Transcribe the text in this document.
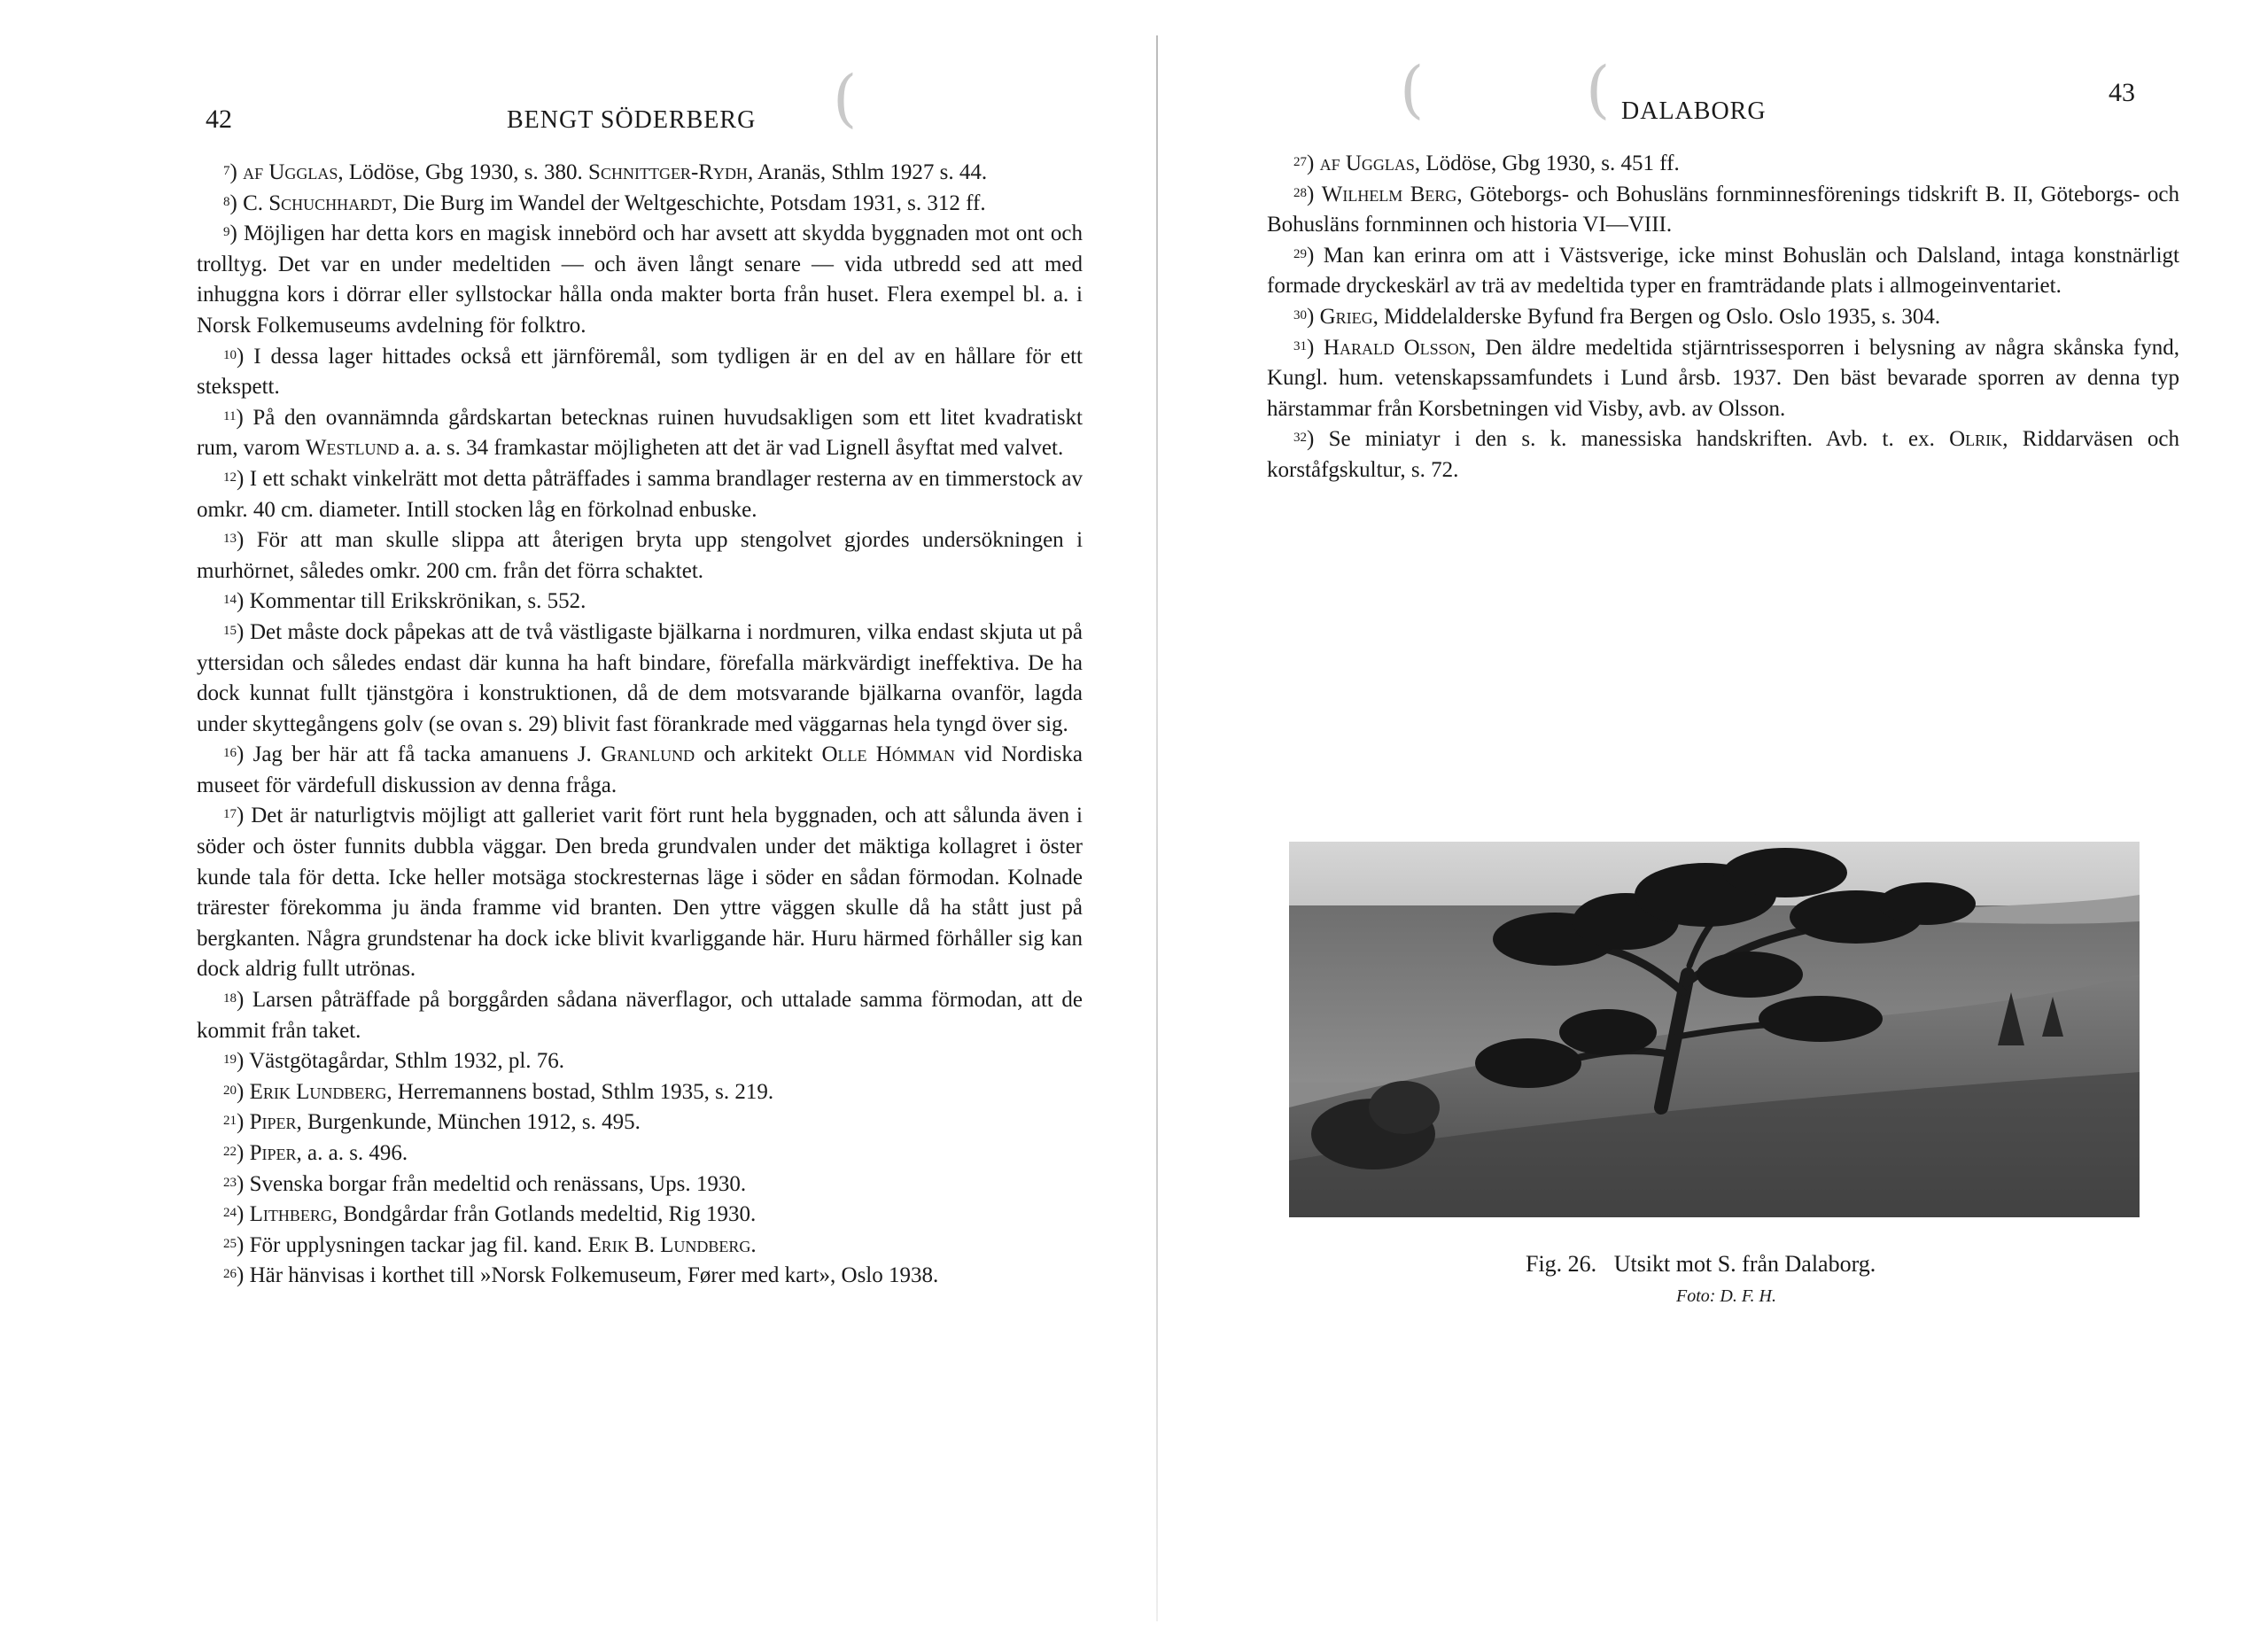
42	BENGT SÖDERBERG

$^7$) af Ugglas, Lödöse, Gbg 1930, s. 380. Schnittger-Rydh, Aranäs, Sthlm 1927 s. 44.

$^8$) C. Schuchhardt, Die Burg im Wandel der Weltgeschichte, Potsdam 1931, s. 312 ff.

$^9$) Möjligen har detta kors en magisk innebörd och har avsett att skydda byggnaden mot ont och trolltyg. Det var en under medeltiden — och även långt senare — vida utbredd sed att med inhuggna kors i dörrar eller syllstockar hålla onda makter borta från huset. Flera exempel bl. a. i Norsk Folkemuseums avdelning för folktro.

$^{10}$) I dessa lager hittades också ett järnföremål, som tydligen är en del av en hållare för ett stekspett.

$^{11}$) På den ovannämnda gårdskartan betecknas ruinen huvudsakligen som ett litet kvadratiskt rum, varom Westlund a. a. s. 34 framkastar möjligheten att det är vad Lignell åsyftat med valvet.

$^{12}$) I ett schakt vinkelrätt mot detta påträffades i samma brandlager resterna av en timmerstock av omkr. 40 cm. diameter. Intill stocken låg en förkolnad enbuske.

$^{13}$) För att man skulle slippa att återigen bryta upp stengolvet gjordes undersökningen i murhörnet, således omkr. 200 cm. från det förra schaktet.

$^{14}$) Kommentar till Erikskrönikan, s. 552.

$^{15}$) Det måste dock påpekas att de två västligaste bjälkarna i nordmuren, vilka endast skjuta ut på yttersidan och således endast där kunna ha haft bindare, förefalla märkvärdigt ineffektiva. De ha dock kunnat fullt tjänstgöra i konstruktionen, då de dem motsvarande bjälkarna ovanför, lagda under skyttegångens golv (se ovan s. 29) blivit fast förankrade med väggarnas hela tyngd över sig.

$^{16}$) Jag ber här att få tacka amanuens J. Granlund och arkitekt Olle Hómman vid Nordiska museet för värdefull diskussion av denna fråga.

$^{17}$) Det är naturligtvis möjligt att galleriet varit fört runt hela byggnaden, och att sålunda även i söder och öster funnits dubbla väggar. Den breda grundvalen under det mäktiga kollagret i öster kunde tala för detta. Icke heller motsäga stockresternas läge i söder en sådan förmodan. Kolnade trärester förekomma ju ända framme vid branten. Den yttre väggen skulle då ha stått just på bergkanten. Några grundstenar ha dock icke blivit kvarliggande här. Huru härmed förhåller sig kan dock aldrig fullt utrönas.

$^{18}$) Larsen påträffade på borggården sådana näverflagor, och uttalade samma förmodan, att de kommit från taket.

$^{19}$) Västgötagårdar, Sthlm 1932, pl. 76.

$^{20}$) Erik Lundberg, Herremannens bostad, Sthlm 1935, s. 219.

$^{21}$) Piper, Burgenkunde, München 1912, s. 495.

$^{22}$) Piper, a. a. s. 496.

$^{23}$) Svenska borgar från medeltid och renässans, Ups. 1930.

$^{24}$) Lithberg, Bondgårdar från Gotlands medeltid, Rig 1930.

$^{25}$) För upplysningen tackar jag fil. kand. Erik B. Lundberg.

$^{26}$) Här hänvisas i korthet till »Norsk Folkemuseum, Fører med kart», Oslo 1938.

43
DALABORG

$^{27}$) af Ugglas, Lödöse, Gbg 1930, s. 451 ff.

$^{28}$) Wilhelm Berg, Göteborgs- och Bohusläns fornminnesförenings tidskrift B. II, Göteborgs- och Bohusläns fornminnen och historia VI—VIII.

$^{29}$) Man kan erinra om att i Västsverige, icke minst Bohuslän och Dalsland, intaga konstnärligt formade dryckeskärl av trä av medeltida typer en framträdande plats i allmogeinventariet.

$^{30}$) Grieg, Middelalderske Byfund fra Bergen og Oslo. Oslo 1935, s. 304.

$^{31}$) Harald Olsson, Den äldre medeltida stjärntrissesporren i belysning av några skånska fynd, Kungl. hum. vetenskapssamfundets i Lund årsb. 1937. Den bäst bevarade sporren av denna typ härstammar från Korsbetningen vid Visby, avb. av Olsson.

$^{32}$) Se miniatyr i den s. k. manessiska handskriften. Avb. t. ex. Olrik, Riddarväsen och korståfgskultur, s. 72.

Fig. 26. Utsikt mot S. från Dalaborg.
Foto: D. F. H.
(	(	(
